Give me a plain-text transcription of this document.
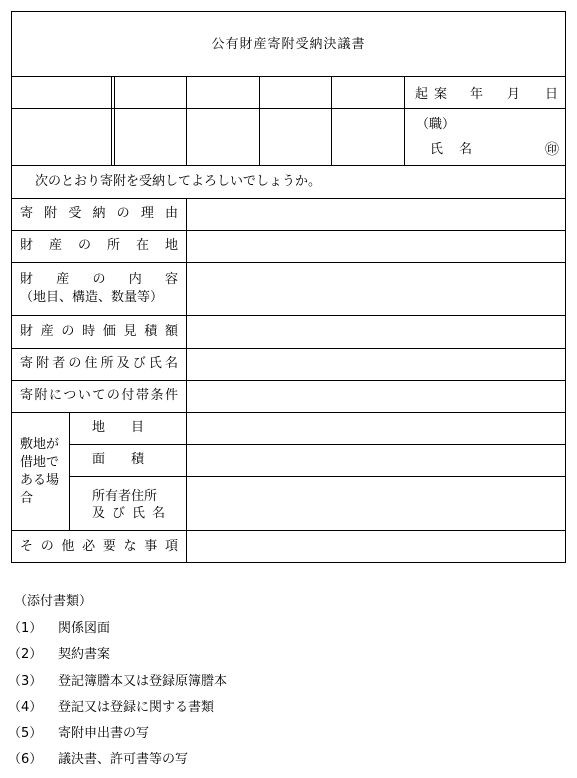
公有財産寄附受納決議書
起案 年 月 日
（職）
氏 名	㊞
次のとおり寄附を受納してよろしいでしょうか。
寄附受納の理由
財産の所在地
財産の内容
（地目、構造、数量等）
財産の時価見積額
寄附者の住所及び氏名
寄附についての付帯条件
敷地が
借地で
ある場
合
地　　目
面　　積
所有者住所
及び氏名
その他必要な事項
（添付書類）
（1） 関係図面
（2） 契約書案
（3） 登記簿謄本又は登録原簿謄本
（4） 登記又は登録に関する書類
（5） 寄附申出書の写
（6） 議決書、許可書等の写
